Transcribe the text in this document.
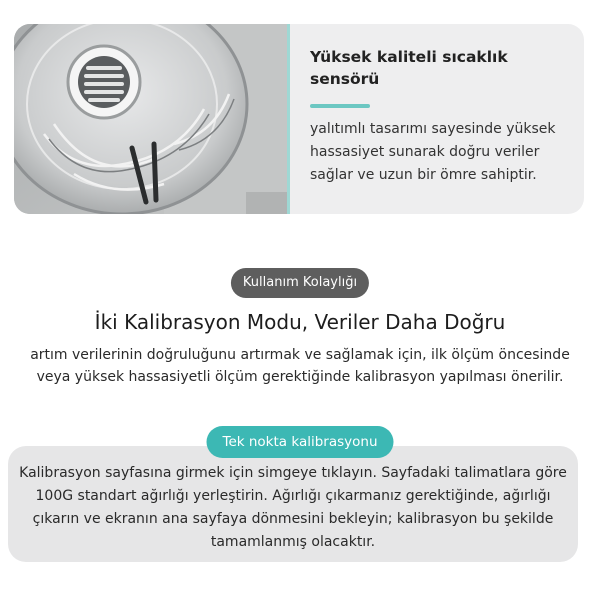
Yüksek kaliteli sıcaklık sensörü
yalıtımlı tasarımı sayesinde yüksek hassasiyet sunarak doğru veriler sağlar ve uzun bir ömre sahiptir.
Kullanım Kolaylığı
İki Kalibrasyon Modu, Veriler Daha Doğru
artım verilerinin doğruluğunu artırmak ve sağlamak için, ilk ölçüm öncesinde veya yüksek hassasiyetli ölçüm gerektiğinde kalibrasyon yapılması önerilir.
Kalibrasyon sayfasına girmek için simgeye tıklayın. Sayfadaki talimatlara göre 100G standart ağırlığı yerleştirin. Ağırlığı çıkarmanız gerektiğinde, ağırlığı çıkarın ve ekranın ana sayfaya dönmesini bekleyin; kalibrasyon bu şekilde tamamlanmış olacaktır.
Tek nokta kalibrasyonu
